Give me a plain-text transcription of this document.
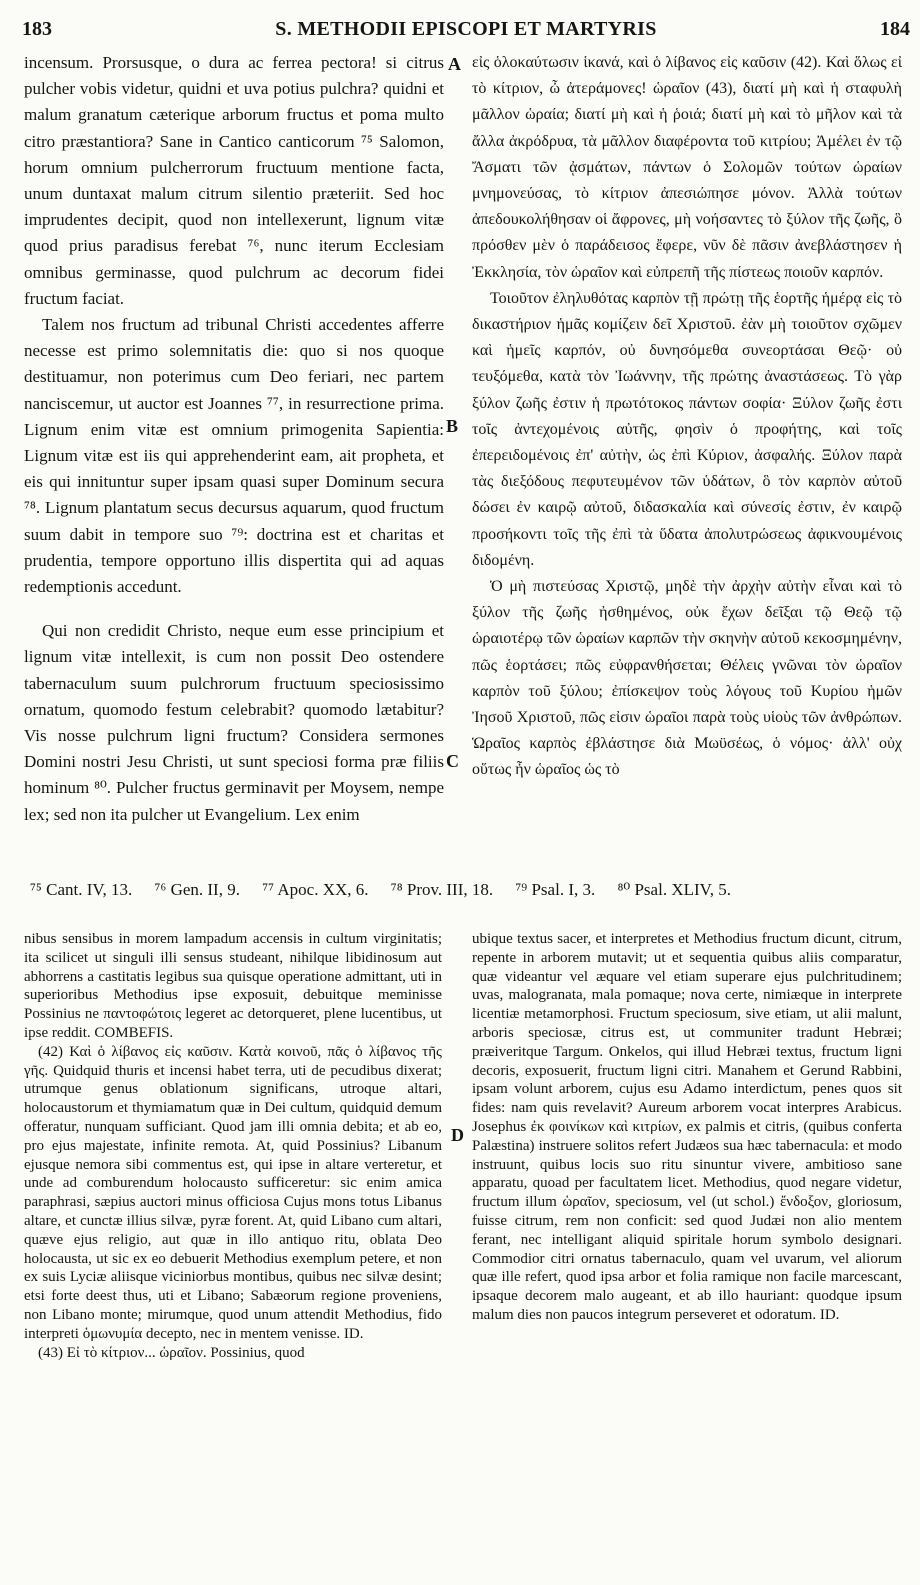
183	S. METHODII EPISCOPI ET MARTYRIS	184

incensum. Prorsusque, o dura ac ferrea pectora! si citrus pulcher vobis videtur, quidni et uva potius pulchra? quidni et malum granatum cæterique arborum fructus et poma multo citro præstantiora? Sane in Cantico canticorum ⁷⁵ Salomon, horum omnium pulcherrorum fructuum mentione facta, unum duntaxat malum citrum silentio præteriit. Sed hoc imprudentes decipit, quod non intellexerunt, lignum vitæ quod prius paradisus ferebat ⁷⁶, nunc iterum Ecclesiam omnibus germinasse, quod pulchrum ac decorum fidei fructum faciat.

Talem nos fructum ad tribunal Christi accedentes afferre necesse est primo solemnitatis die: quo si nos quoque destituamur, non poterimus cum Deo feriari, nec partem nanciscemur, ut auctor est Joannes ⁷⁷, in resurrectione prima. Lignum enim vitæ est omnium primogenita Sapientia: Lignum vitæ est iis qui apprehenderint eam, ait propheta, et eis qui innituntur super ipsam quasi super Dominum secura ⁷⁸. Lignum plantatum secus decursus aquarum, quod fructum suum dabit in tempore suo ⁷⁹: doctrina est et charitas et prudentia, tempore opportuno illis dispertita qui ad aquas redemptionis accedunt.

Qui non credidit Christo, neque eum esse principium et lignum vitæ intellexit, is cum non possit Deo ostendere tabernaculum suum pulchrorum fructuum speciosissimo ornatum, quomodo festum celebrabit? quomodo lætabitur? Vis nosse pulchrum ligni fructum? Considera sermones Domini nostri Jesu Christi, ut sunt speciosi forma præ filiis hominum ⁸⁰. Pulcher fructus germinavit per Moysem, nempe lex; sed non ita pulcher ut Evangelium. Lex enim

A
B
C
D

εἰς ὁλοκαύτωσιν ἱκανά, καὶ ὁ λίβανος εἰς καῦσιν (42). Καὶ ὅλως εἰ τὸ κίτριον, ὦ ἀτεράμονες! ὡραῖον (43), διατί μὴ καὶ ἡ σταφυλὴ μᾶλλον ὡραία; διατί μὴ καὶ ἡ ῥοιά; διατί μὴ καὶ τὸ μῆλον καὶ τὰ ἄλλα ἀκρόδρυα, τὰ μᾶλλον διαφέροντα τοῦ κιτρίου; Ἀμέλει ἐν τῷ Ἄσματι τῶν ᾀσμάτων, πάντων ὁ Σολομῶν τούτων ὡραίων μνημονεύσας, τὸ κίτριον ἀπεσιώπησε μόνον. Ἀλλὰ τούτων ἀπεδουκολήθησαν οἱ ἄφρονες, μὴ νοήσαντες τὸ ξύλον τῆς ζωῆς, ὃ πρόσθεν μὲν ὁ παράδεισος ἔφερε, νῦν δὲ πᾶσιν ἀνεβλάστησεν ἡ Ἐκκλησία, τὸν ὡραῖον καὶ εὐπρεπῆ τῆς πίστεως ποιοῦν καρπόν.

Τοιοῦτον ἐληλυθότας καρπὸν τῇ πρώτῃ τῆς ἑορτῆς ἡμέρᾳ εἰς τὸ δικαστήριον ἡμᾶς κομίζειν δεῖ Χριστοῦ. ἐὰν μὴ τοιοῦτον σχῶμεν καὶ ἡμεῖς καρπόν, οὐ δυνησόμεθα συνεορτάσαι Θεῷ· οὐ τευξόμεθα, κατὰ τὸν Ἰωάννην, τῆς πρώτης ἀναστάσεως. Τὸ γὰρ ξύλον ζωῆς ἐστιν ἡ πρωτότοκος πάντων σοφία· Ξύλον ζωῆς ἐστι τοῖς ἀντεχομένοις αὐτῆς, φησὶν ὁ προφήτης, καὶ τοῖς ἐπερειδομένοις ἐπ' αὐτὴν, ὡς ἐπὶ Κύριον, ἀσφαλής. Ξύλον παρὰ τὰς διεξόδους πεφυτευμένον τῶν ὑδάτων, ὃ τὸν καρπὸν αὐτοῦ δώσει ἐν καιρῷ αὐτοῦ, διδασκαλία καὶ σύνεσίς ἐστιν, ἐν καιρῷ προσήκοντι τοῖς τῆς ἐπὶ τὰ ὕδατα ἀπολυτρώσεως ἀφικνουμένοις διδομένη.

Ὁ μὴ πιστεύσας Χριστῷ, μηδὲ τὴν ἀρχὴν αὐτὴν εἶναι καὶ τὸ ξύλον τῆς ζωῆς ἠσθημένος, οὐκ ἔχων δεῖξαι τῷ Θεῷ τῷ ὡραιοτέρῳ τῶν ὡραίων καρπῶν τὴν σκηνὴν αὐτοῦ κεκοσμημένην, πῶς ἑορτάσει; πῶς εὐφρανθήσεται; Θέλεις γνῶναι τὸν ὡραῖον καρπὸν τοῦ ξύλου; ἐπίσκεψον τοὺς λόγους τοῦ Κυρίου ἡμῶν Ἰησοῦ Χριστοῦ, πῶς εἰσιν ὡραῖοι παρὰ τοὺς υἱοὺς τῶν ἀνθρώπων. Ὡραῖος καρπὸς ἐβλάστησε διὰ Μωϋσέως, ὁ νόμος· ἀλλ' οὐχ οὕτως ἦν ὡραῖος ὡς τὸ

⁷⁵ Cant. IV, 13. ⁷⁶ Gen. II, 9. ⁷⁷ Apoc. XX, 6. ⁷⁸ Prov. III, 18. ⁷⁹ Psal. I, 3. ⁸⁰ Psal. XLIV, 5.

nibus sensibus in morem lampadum accensis in cultum virginitatis; ita scilicet ut singuli illi sensus studeant, nihilque libidinosum aut abhorrens a castitatis legibus sua quisque operatione admittant, uti in superioribus Methodius ipse exposuit, debuitque meminisse Possinius ne παντοφώτοις legeret ac detorqueret, plene lucentibus, ut ipse reddit. COMBEFIS.

(42) Καὶ ὁ λίβανος εἰς καῦσιν. Κατὰ κοινοῦ, πᾶς ὁ λίβανος τῆς γῆς. Quidquid thuris et incensi habet terra, uti de pecudibus dixerat; utrumque genus oblationum significans, utroque altari, holocaustorum et thymiamatum quæ in Dei cultum, quidquid demum offeratur, nunquam sufficiant. Quod jam illi omnia debita; et ab eo, pro ejus majestate, infinite remota. At, quid Possinius? Libanum ejusque nemora sibi commentus est, qui ipse in altare verteretur, et unde ad comburendum holocausto sufficeretur: sic enim amica paraphrasi, sæpius auctori minus officiosa Cujus mons totus Libanus altare, et cunctæ illius silvæ, pyræ forent. At, quid Libano cum altari, quæve ejus religio, aut quæ in illo antiquo ritu, oblata Deo holocausta, ut sic ex eo debuerit Methodius exemplum petere, et non ex suis Lyciæ aliisque viciniorbus montibus, quibus nec silvæ desint; etsi forte deest thus, uti et Libano; Sabæorum regione proveniens, non Libano monte; mirumque, quod unum attendit Methodius, fido interpreti ὁμωνυμία decepto, nec in mentem venisse. ID.

(43) Εἰ τὸ κίτριον... ὡραῖον. Possinius, quod

ubique textus sacer, et interpretes et Methodius fructum dicunt, citrum, repente in arborem mutavit; ut et sequentia quibus aliis comparatur, quæ videantur vel æquare vel etiam superare ejus pulchritudinem; uvas, malogranata, mala pomaque; nova certe, nimiæque in interprete licentiæ metamorphosi. Fructum speciosum, sive etiam, ut alii malunt, arboris speciosæ, citrus est, ut communiter tradunt Hebræi; præiveritque Targum. Onkelos, qui illud Hebræi textus, fructum ligni decoris, exposuerit, fructum ligni citri. Manahem et Gerund Rabbini, ipsam volunt arborem, cujus esu Adamo interdictum, penes quos sit fides: nam quis revelavit? Aureum arborem vocat interpres Arabicus. Josephus ἐκ φοινίκων καὶ κιτρίων, ex palmis et citris, (quibus conferta Palæstina) instruere solitos refert Judæos sua hæc tabernacula: et modo instruunt, quibus locis suo ritu sinuntur vivere, ambitioso sane apparatu, quoad per facultatem licet. Methodius, quod negare videtur, fructum illum ὡραῖον, speciosum, vel (ut schol.) ἔνδοξον, gloriosum, fuisse citrum, rem non conficit: sed quod Judæi non alio mentem ferant, nec intelligant aliquid spiritale horum symbolo designari. Commodior citri ornatus tabernaculo, quam vel uvarum, vel aliorum quæ ille refert, quod ipsa arbor et folia ramique non facile marcescant, ipsaque decorem malo augeant, et ab illo hauriant: quodque ipsum malum dies non paucos integrum perseveret et odoratum. ID.
